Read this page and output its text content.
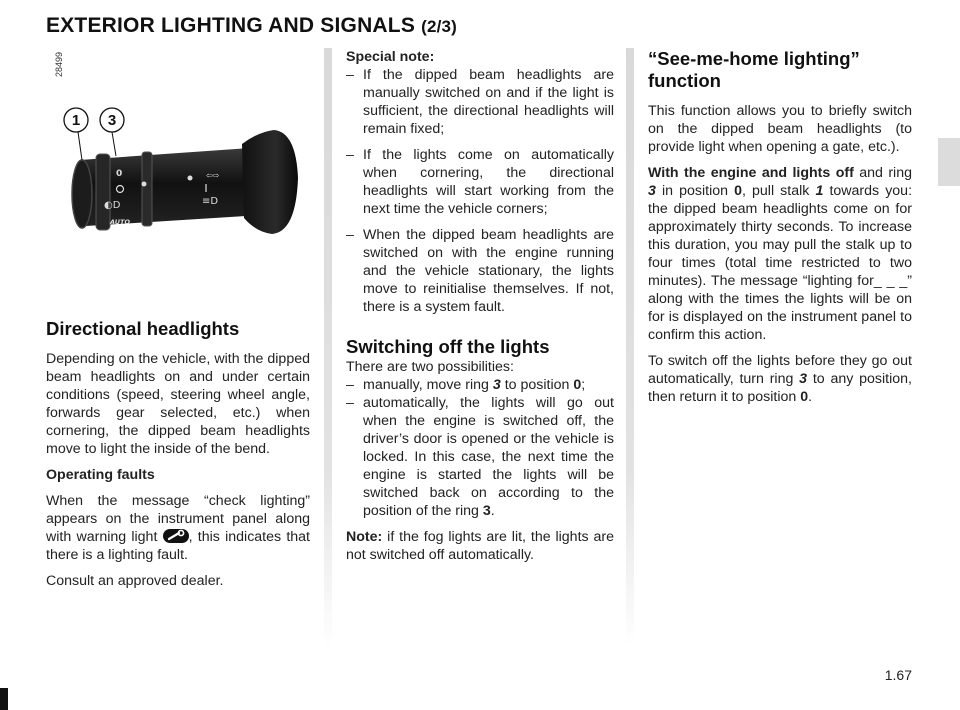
EXTERIOR LIGHTING AND SIGNALS (2/3)
28499
0
◐D
AUTO
⇦⇨
≡D
1 3
Directional headlights

Depending on the vehicle, with the dipped beam headlights on and under certain conditions (speed, steering wheel angle, forwards gear selected, etc.) when cornering, the dipped beam headlights move to light the inside of the bend.

Operating faults

When the message “check lighting” appears on the instrument panel along with warning light , this indicates that there is a lighting fault.

Consult an approved dealer.

Special note:

– If the dipped beam headlights are manually switched on and if the light is sufficient, the directional headlights will remain fixed;
– If the lights come on automatically when cornering, the directional headlights will start working from the next time the vehicle corners;
– When the dipped beam headlights are switched on with the engine running and the vehicle stationary, the lights move to reinitialise themselves. If not, there is a system fault.
Switching off the lights

There are two possibilities:

– manually, move ring 3 to position 0;
– automatically, the lights will go out when the engine is switched off, the driver’s door is opened or the vehicle is locked. In this case, the next time the engine is started the lights will be switched back on according to the position of the ring 3.

Note: if the fog lights are lit, the lights are not switched off automatically.

“See-me-home lighting” function

This function allows you to briefly switch on the dipped beam headlights (to provide light when opening a gate, etc.).

With the engine and lights off and ring 3 in position 0, pull stalk 1 towards you: the dipped beam headlights come on for approximately thirty seconds. To increase this duration, you may pull the stalk up to four times (total time restricted to two minutes). The message “lighting for_ _ _” along with the times the lights will be on for is displayed on the instrument panel to confirm this action.

To switch off the lights before they go out automatically, turn ring 3 to any position, then return it to position 0.

1.67
